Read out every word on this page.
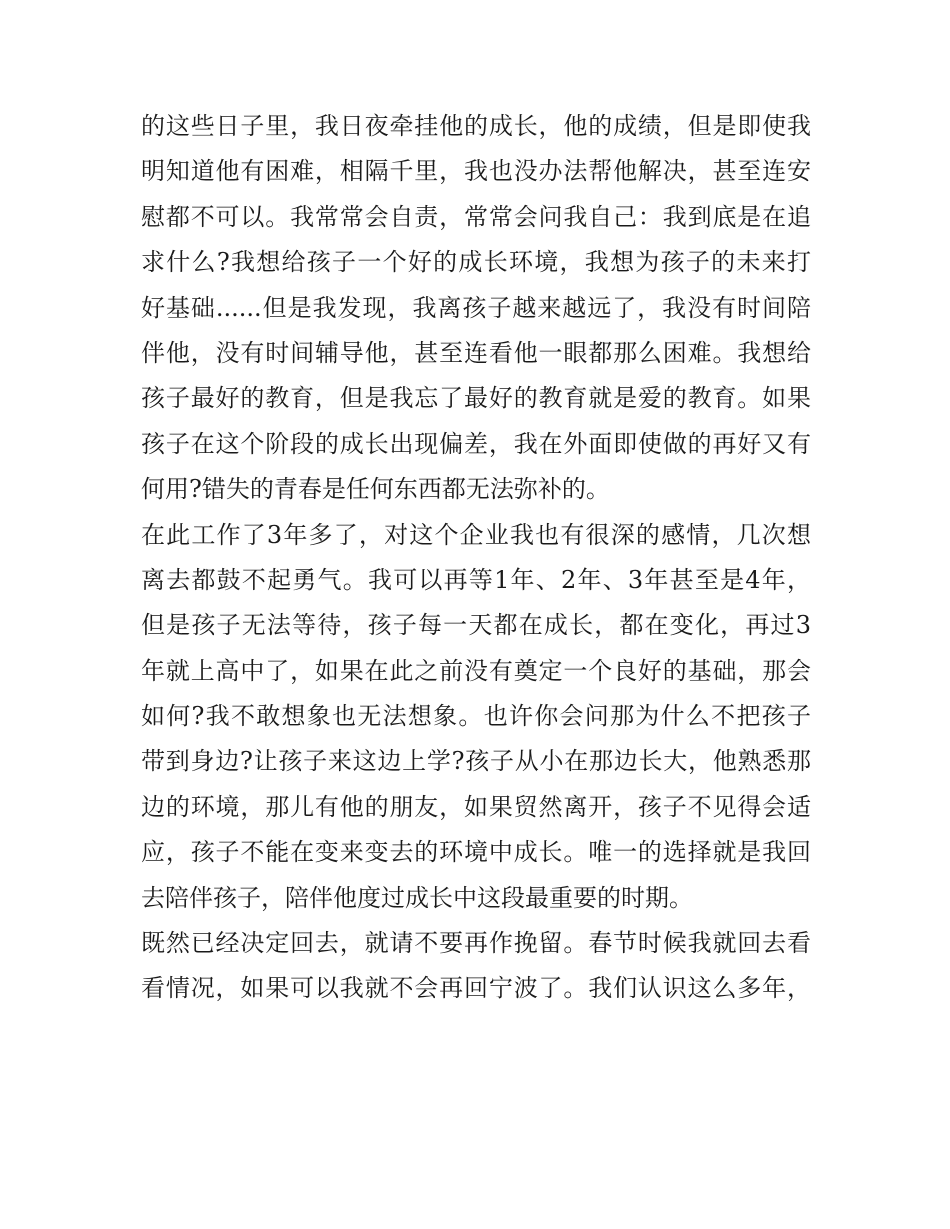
的这些日子里，我日夜牵挂他的成长，他的成绩，但是即使我
明知道他有困难，相隔千里，我也没办法帮他解决，甚至连安
慰都不可以。我常常会自责，常常会问我自己：我到底是在追
求什么?我想给孩子一个好的成长环境，我想为孩子的未来打
好基础......但是我发现，我离孩子越来越远了，我没有时间陪
伴他，没有时间辅导他，甚至连看他一眼都那么困难。我想给
孩子最好的教育，但是我忘了最好的教育就是爱的教育。如果
孩子在这个阶段的成长出现偏差，我在外面即使做的再好又有
何用?错失的青春是任何东西都无法弥补的。
在此工作了3年多了，对这个企业我也有很深的感情，几次想
离去都鼓不起勇气。我可以再等1年、2年、3年甚至是4年，
但是孩子无法等待，孩子每一天都在成长，都在变化，再过3
年就上高中了，如果在此之前没有奠定一个良好的基础，那会
如何?我不敢想象也无法想象。也许你会问那为什么不把孩子
带到身边?让孩子来这边上学?孩子从小在那边长大，他熟悉那
边的环境，那儿有他的朋友，如果贸然离开，孩子不见得会适
应，孩子不能在变来变去的环境中成长。唯一的选择就是我回
去陪伴孩子，陪伴他度过成长中这段最重要的时期。
既然已经决定回去，就请不要再作挽留。春节时候我就回去看
看情况，如果可以我就不会再回宁波了。我们认识这么多年，
